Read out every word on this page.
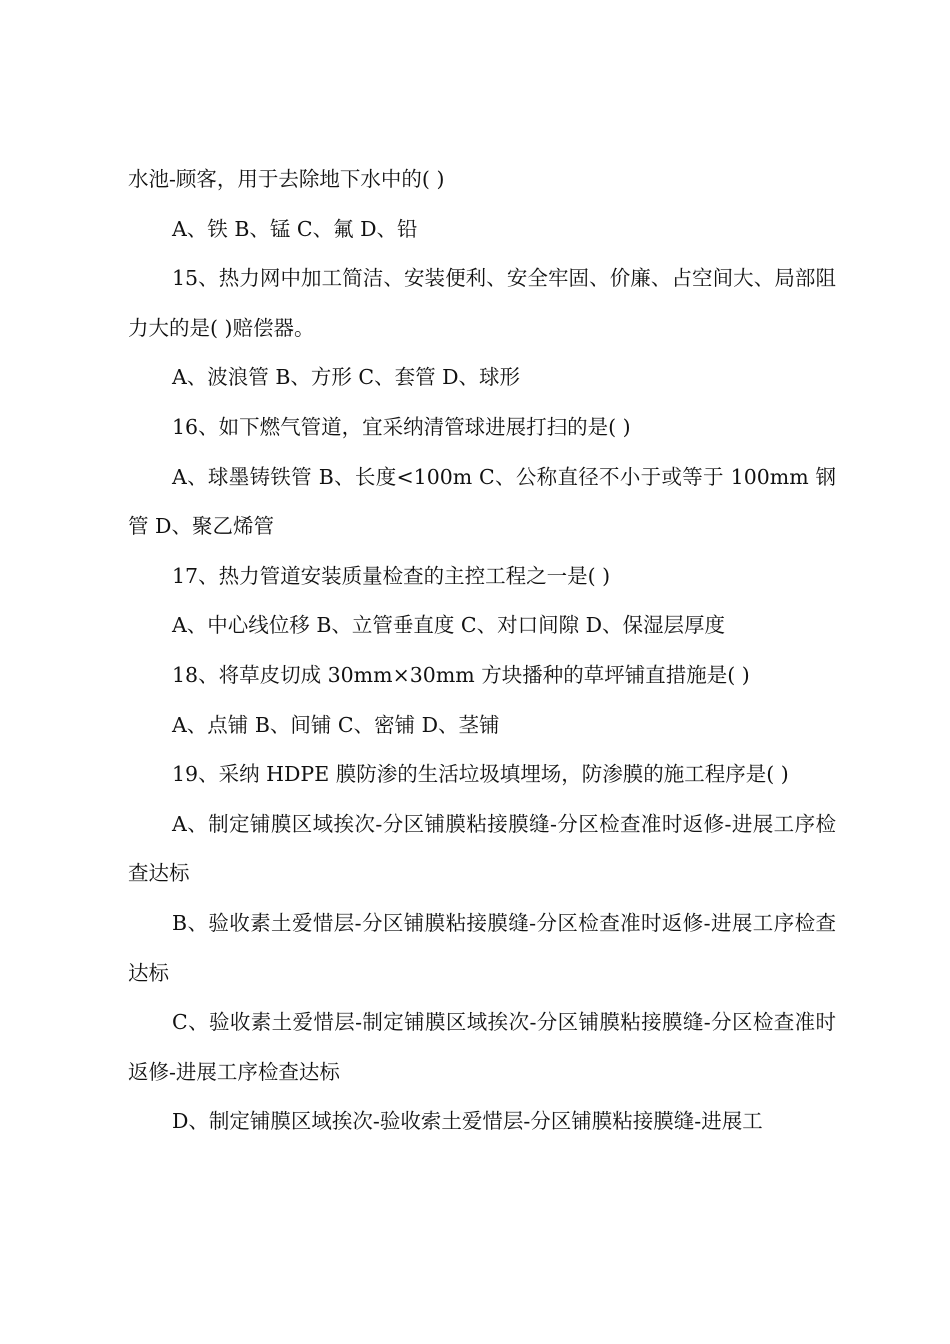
水池-顾客，用于去除地下水中的( )

A、铁 B、锰 C、氟 D、铅

15、热力网中加工简洁、安装便利、安全牢固、价廉、占空间大、局部阻力大的是( )赔偿器。

A、波浪管 B、方形 C、套管 D、球形

16、如下燃气管道，宜采纳清管球进展打扫的是( )

A、球墨铸铁管 B、长度<100m C、公称直径不小于或等于 100mm 钢管 D、聚乙烯管

17、热力管道安装质量检查的主控工程之一是( )

A、中心线位移 B、立管垂直度 C、对口间隙 D、保湿层厚度

18、将草皮切成 30mm×30mm 方块播种的草坪铺直措施是( )

A、点铺 B、间铺 C、密铺 D、茎铺

19、采纳 HDPE 膜防渗的生活垃圾填埋场，防渗膜的施工程序是( )

A、制定铺膜区域挨次-分区铺膜粘接膜缝-分区检查准时返修-进展工序检查达标

B、验收素土爱惜层-分区铺膜粘接膜缝-分区检查准时返修-进展工序检查达标

C、验收素土爱惜层-制定铺膜区域挨次-分区铺膜粘接膜缝-分区检查准时返修-进展工序检查达标

D、制定铺膜区域挨次-验收索土爱惜层-分区铺膜粘接膜缝-进展工
